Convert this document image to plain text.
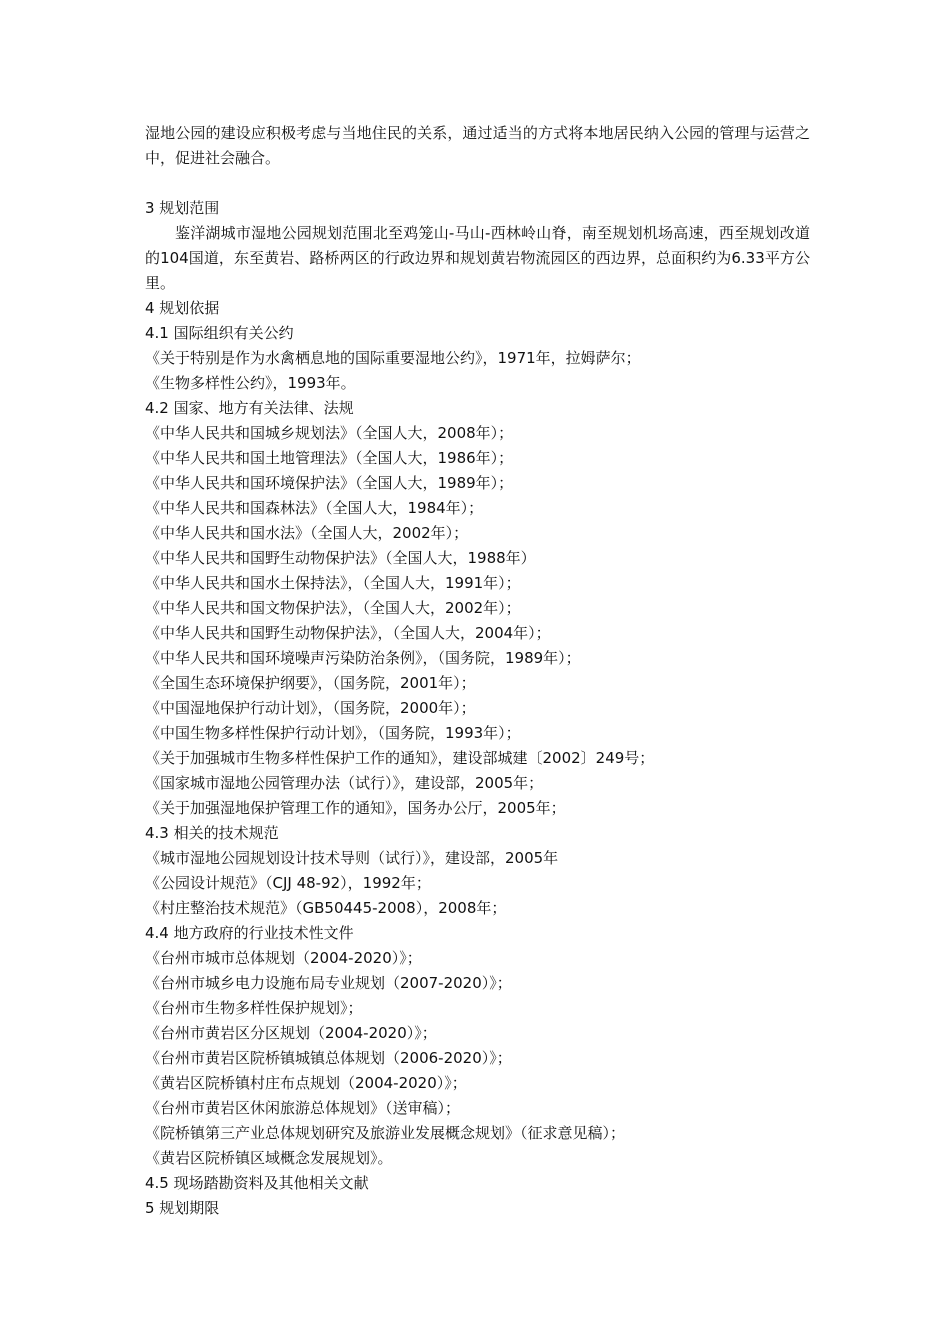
湿地公园的建设应积极考虑与当地住民的关系，通过适当的方式将本地居民纳入公园的管理与运营之中，促进社会融合。
3 规划范围
鉴洋湖城市湿地公园规划范围北至鸡笼山-马山-西林岭山脊，南至规划机场高速，西至规划改道的104国道，东至黄岩、路桥两区的行政边界和规划黄岩物流园区的西边界，总面积约为6.33平方公里。
4 规划依据
4.1 国际组织有关公约
《关于特别是作为水禽栖息地的国际重要湿地公约》，1971年，拉姆萨尔；
《生物多样性公约》，1993年。
4.2 国家、地方有关法律、法规
《中华人民共和国城乡规划法》（全国人大，2008年）；
《中华人民共和国土地管理法》（全国人大，1986年）；
《中华人民共和国环境保护法》（全国人大，1989年）；
《中华人民共和国森林法》（全国人大，1984年）；
《中华人民共和国水法》（全国人大，2002年）；
《中华人民共和国野生动物保护法》（全国人大，1988年）
《中华人民共和国水土保持法》，（全国人大，1991年）；
《中华人民共和国文物保护法》，（全国人大，2002年）；
《中华人民共和国野生动物保护法》，（全国人大，2004年）；
《中华人民共和国环境噪声污染防治条例》，（国务院，1989年）；
《全国生态环境保护纲要》，（国务院，2001年）；
《中国湿地保护行动计划》，（国务院，2000年）；
《中国生物多样性保护行动计划》，（国务院，1993年）；
《关于加强城市生物多样性保护工作的通知》，建设部城建〔2002〕249号；
《国家城市湿地公园管理办法（试行）》，建设部，2005年；
《关于加强湿地保护管理工作的通知》，国务办公厅，2005年；
4.3 相关的技术规范
《城市湿地公园规划设计技术导则（试行）》，建设部，2005年
《公园设计规范》（CJJ 48-92），1992年；
《村庄整治技术规范》（GB50445-2008），2008年；
4.4 地方政府的行业技术性文件
《台州市城市总体规划（2004-2020）》；
《台州市城乡电力设施布局专业规划（2007-2020）》；
《台州市生物多样性保护规划》；
《台州市黄岩区分区规划（2004-2020）》；
《台州市黄岩区院桥镇城镇总体规划（2006-2020）》；
《黄岩区院桥镇村庄布点规划（2004-2020）》；
《台州市黄岩区休闲旅游总体规划》（送审稿）；
《院桥镇第三产业总体规划研究及旅游业发展概念规划》（征求意见稿）；
《黄岩区院桥镇区域概念发展规划》。
4.5 现场踏勘资料及其他相关文献
5 规划期限
